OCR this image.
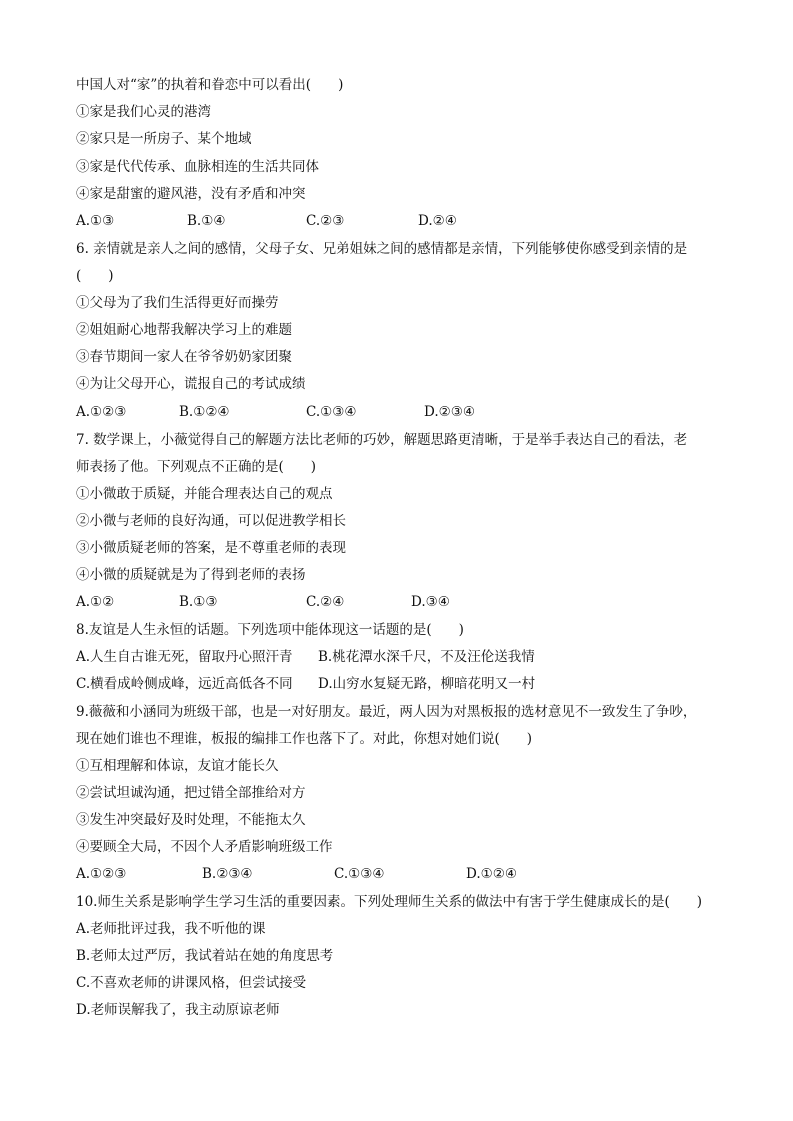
中国人对“家”的执着和眷恋中可以看出(　　)
①家是我们心灵的港湾
②家只是一所房子、某个地域
③家是代代传承、血脉相连的生活共同体
④家是甜蜜的避风港，没有矛盾和冲突
A.①③	B.①④	C.②③	D.②④
6. 亲情就是亲人之间的感情，父母子女、兄弟姐妹之间的感情都是亲情，下列能够使你感受到亲情的是
(　　)
①父母为了我们生活得更好而操劳
②姐姐耐心地帮我解决学习上的难题
③春节期间一家人在爷爷奶奶家团聚
④为让父母开心，谎报自己的考试成绩
A.①②③	B.①②④	C.①③④	D.②③④
7. 数学课上，小薇觉得自己的解题方法比老师的巧妙，解题思路更清晰，于是举手表达自己的看法，老
师表扬了他。下列观点不正确的是(　　)
①小微敢于质疑，并能合理表达自己的观点
②小微与老师的良好沟通，可以促进教学相长
③小微质疑老师的答案，是不尊重老师的表现
④小微的质疑就是为了得到老师的表扬
A.①②	B.①③	C.②④	D.③④
8.友谊是人生永恒的话题。下列选项中能体现这一话题的是(　　)
A.人生自古谁无死，留取丹心照汗青 B.桃花潭水深千尺，不及汪伦送我情
C.横看成岭侧成峰，远近高低各不同 D.山穷水复疑无路，柳暗花明又一村
9.薇薇和小涵同为班级干部，也是一对好朋友。最近，两人因为对黑板报的选材意见不一致发生了争吵，
现在她们谁也不理谁，板报的编排工作也落下了。对此，你想对她们说(　　)
①互相理解和体谅，友谊才能长久
②尝试坦诚沟通，把过错全部推给对方
③发生冲突最好及时处理，不能拖太久
④要顾全大局，不因个人矛盾影响班级工作
A.①②③	B.②③④	C.①③④	D.①②④
10.师生关系是影响学生学习生活的重要因素。下列处理师生关系的做法中有害于学生健康成长的是(　　)
A.老师批评过我，我不听他的课
B.老师太过严厉，我试着站在她的角度思考
C.不喜欢老师的讲课风格，但尝试接受
D.老师误解我了，我主动原谅老师
